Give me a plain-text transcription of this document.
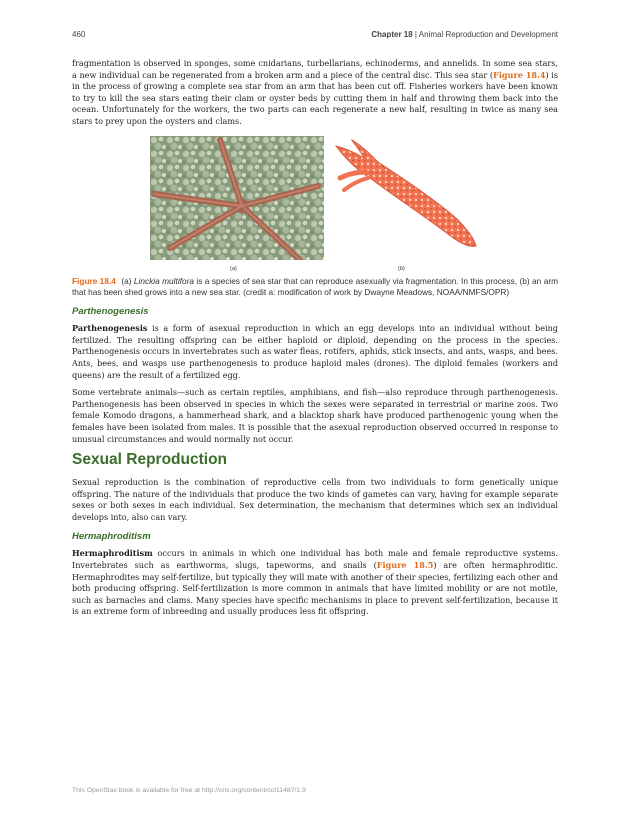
460	Chapter 18 | Animal Reproduction and Development

fragmentation is observed in sponges, some cnidarians, turbellarians, echinoderms, and annelids. In some sea stars, a new individual can be regenerated from a broken arm and a piece of the central disc. This sea star (Figure 18.4) is in the process of growing a complete sea star from an arm that has been cut off. Fisheries workers have been known to try to kill the sea stars eating their clam or oyster beds by cutting them in half and throwing them back into the ocean. Unfortunately for the workers, the two parts can each regenerate a new half, resulting in twice as many sea stars to prey upon the oysters and clams.

(a)	(b)
Figure 18.4 (a) Linckia multifora is a species of sea star that can reproduce asexually via fragmentation. In this process, (b) an arm that has been shed grows into a new sea star. (credit a: modification of work by Dwayne Meadows, NOAA/NMFS/OPR)
Parthenogenesis

Parthenogenesis is a form of asexual reproduction in which an egg develops into an individual without being fertilized. The resulting offspring can be either haploid or diploid, depending on the process in the species. Parthenogenesis occurs in invertebrates such as water fleas, rotifers, aphids, stick insects, and ants, wasps, and bees. Ants, bees, and wasps use parthenogenesis to produce haploid males (drones). The diploid females (workers and queens) are the result of a fertilized egg.

Some vertebrate animals—such as certain reptiles, amphibians, and fish—also reproduce through parthenogenesis. Parthenogenesis has been observed in species in which the sexes were separated in terrestrial or marine zoos. Two female Komodo dragons, a hammerhead shark, and a blacktop shark have produced parthenogenic young when the females have been isolated from males. It is possible that the asexual reproduction observed occurred in response to unusual circumstances and would normally not occur.

Sexual Reproduction

Sexual reproduction is the combination of reproductive cells from two individuals to form genetically unique offspring. The nature of the individuals that produce the two kinds of gametes can vary, having for example separate sexes or both sexes in each individual. Sex determination, the mechanism that determines which sex an individual develops into, also can vary.

Hermaphroditism

Hermaphroditism occurs in animals in which one individual has both male and female reproductive systems. Invertebrates such as earthworms, slugs, tapeworms, and snails (Figure 18.5) are often hermaphroditic. Hermaphrodites may self-fertilize, but typically they will mate with another of their species, fertilizing each other and both producing offspring. Self-fertilization is more common in animals that have limited mobility or are not motile, such as barnacles and clams. Many species have specific mechanisms in place to prevent self-fertilization, because it is an extreme form of inbreeding and usually produces less fit offspring.

This OpenStax book is available for free at http://cnx.org/content/col11487/1.9
